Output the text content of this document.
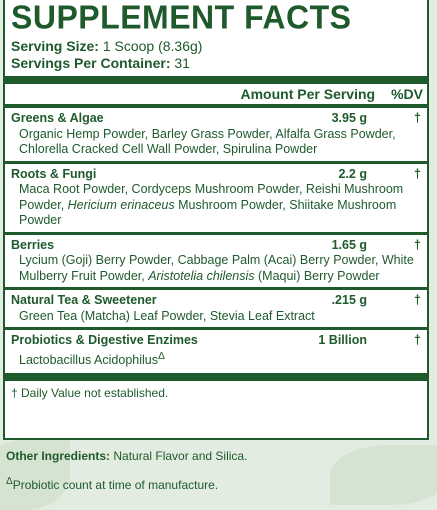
SUPPLEMENT FACTS
Serving Size: 1 Scoop (8.36g)
Servings Per Container: 31
Amount Per Serving %DV
Greens & Algae	3.95 g	†
Organic Hemp Powder, Barley Grass Powder, Alfalfa Grass Powder, Chlorella Cracked Cell Wall Powder, Spirulina Powder
Roots & Fungi	2.2 g	†
Maca Root Powder, Cordyceps Mushroom Powder, Reishi Mushroom Powder, Hericium erinaceus Mushroom Powder, Shiitake Mushroom Powder
Berries	1.65 g	†
Lycium (Goji) Berry Powder, Cabbage Palm (Acai) Berry Powder, White Mulberry Fruit Powder, Aristotelia chilensis (Maqui) Berry Powder
Natural Tea & Sweetener	.215 g	†
Green Tea (Matcha) Leaf Powder, Stevia Leaf Extract
Probiotics & Digestive Enzimes	1 Billion	†
Lactobacillus Acidophilus$^\Delta$
† Daily Value not established.
Other Ingredients: Natural Flavor and Silica.
$^\Delta$Probiotic count at time of manufacture.
